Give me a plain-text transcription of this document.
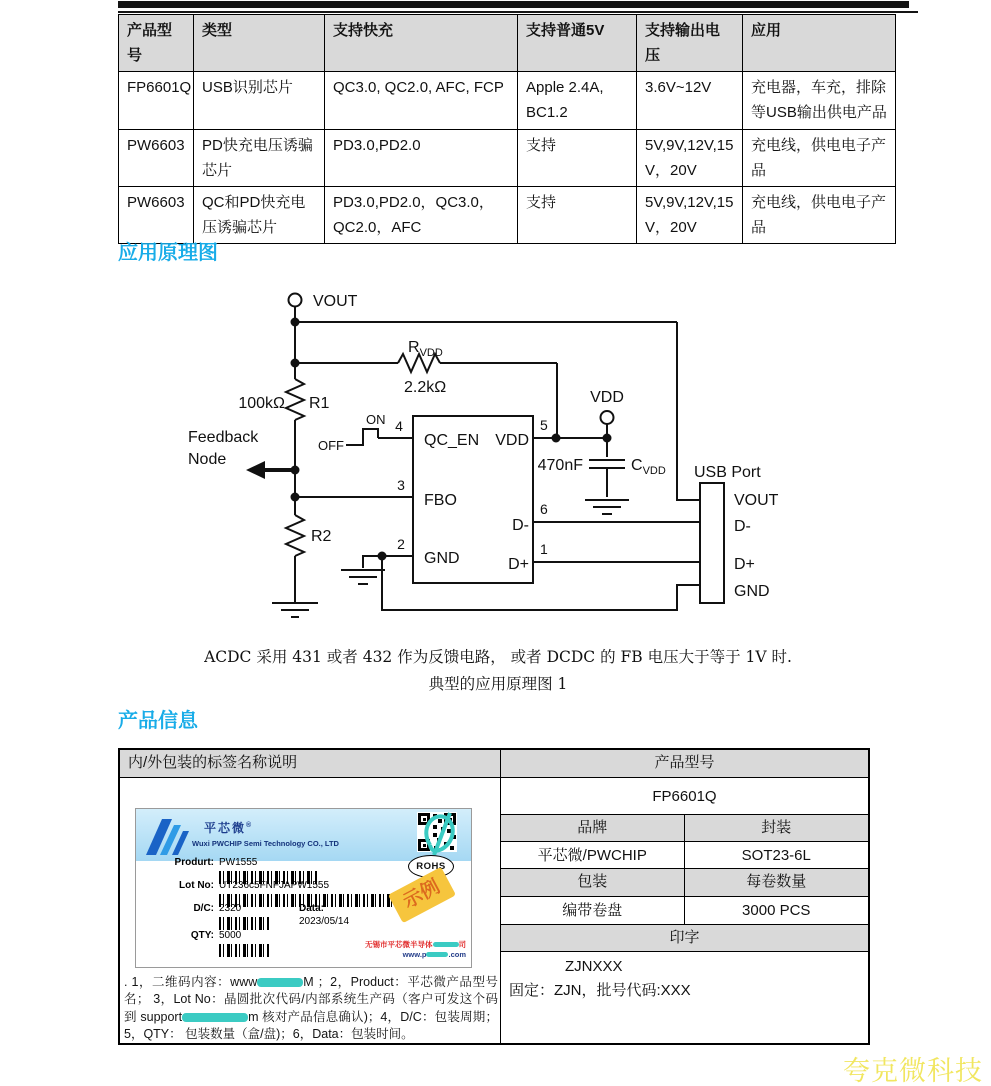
产品型号	类型	支持快充	支持普通5V	支持输出电压	应用
FP6601Q	USB识别芯片	QC3.0, QC2.0, AFC, FCP	Apple 2.4A, BC1.2	3.6V~12V	充电器，车充，排除等USB输出供电产品
PW6603	PD快充电压诱骗芯片	PD3.0,PD2.0	支持	5V,9V,12V,15V，20V	充电线，供电电子产品
PW6603	QC和PD快充电压诱骗芯片	PD3.0,PD2.0，QC3.0，QC2.0，AFC	支持	5V,9V,12V,15V，20V	充电线，供电电子产品
应用原理图
VOUT
$R_{VDD}$
2.2kΩ
100kΩ R1
Feedback
Node
3
R2
OFF
ON 4
QC_EN
FBO
GND
VDD
D-
D+
2
5
VDD
470nF	$C_{VDD}$
6
1
USB Port
VOUT
D-
D+
GND
ACDC 采用 431 或者 432 作为反馈电路， 或者 DCDC 的 FB 电压大于等于 1V 时.
典型的应用原理图 1
产品信息
内/外包装的标签名称说明
平芯微®
Wuxi PWCHIP Semi Technology CO., LTD
Produrt: PW1555
Lot No: UT236c5FNFJAPW1555
D/C: 2320	Data:
2023/05/14
QTY: 5000
ROHS
示例
无锡市平芯微半导体	司
www.p	.com
. 1，二维码内容：www	M ；2，Product：平芯微产品型号名； 3，Lot No：晶圆批次代码/内部系统生产码（客户可发这个码到 support	m 核对产品信息确认)；4，D/C：包装周期；5，QTY： 包装数量（盒/盘)；6，Data：包装时间。
产品型号
FP6601Q
品牌	封装
平芯微/PWCHIP	SOT23-6L
包装	每卷数量
编带卷盘	3000 PCS
印字
ZJNXXX
固定：ZJN，批号代码:XXX
夸克微科技
